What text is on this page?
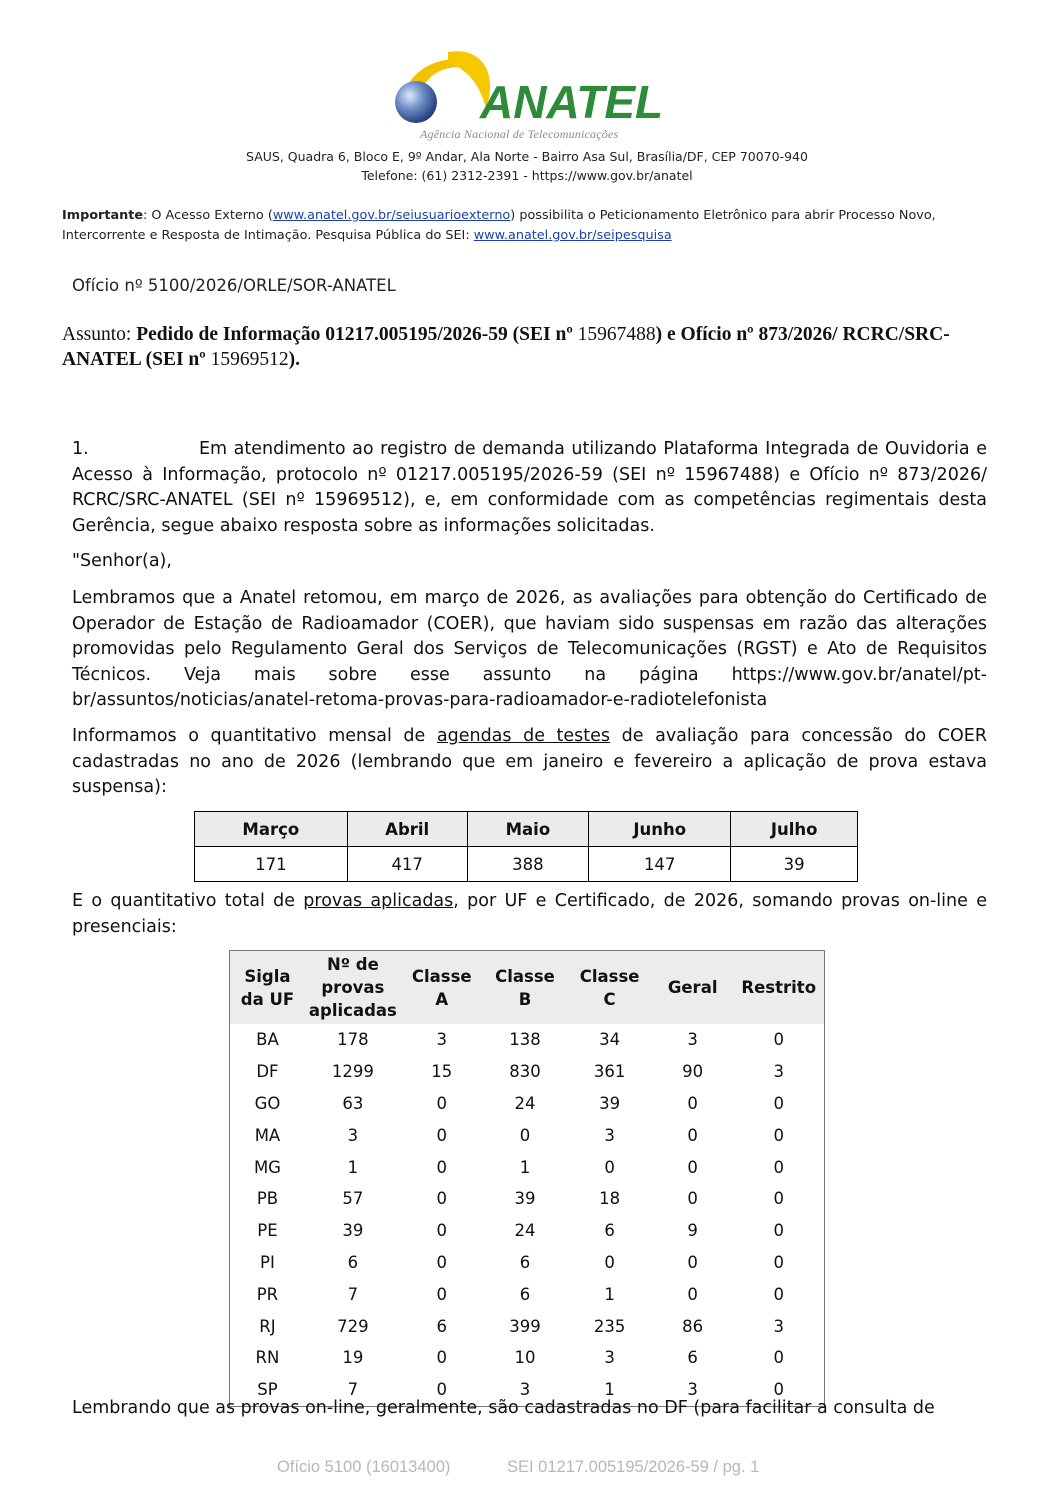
ANATEL
Agência Nacional de Telecomunicações
SAUS, Quadra 6, Bloco E, 9º Andar, Ala Norte - Bairro Asa Sul, Brasília/DF, CEP 70070-940
Telefone: (61) 2312-2391 - https://www.gov.br/anatel
Importante: O Acesso Externo (www.anatel.gov.br/seiusuarioexterno) possibilita o Peticionamento Eletrônico para abrir Processo Novo, Intercorrente e Resposta de Intimação. Pesquisa Pública do SEI: www.anatel.gov.br/seipesquisa
Ofício nº 5100/2026/ORLE/SOR-ANATEL
Assunto: Pedido de Informação 01217.005195/2026-59 (SEI nº 15967488) e Ofício nº 873/2026/ RCRC/SRC-ANATEL (SEI nº 15969512).
1.	Em atendimento ao registro de demanda utilizando Plataforma Integrada de Ouvidoria e Acesso à Informação, protocolo nº 01217.005195/2026-59 (SEI nº 15967488) e Ofício nº 873/2026/ RCRC/SRC-ANATEL (SEI nº 15969512), e, em conformidade com as competências regimentais desta Gerência, segue abaixo resposta sobre as informações solicitadas.
"Senhor(a),
Lembramos que a Anatel retomou, em março de 2026, as avaliações para obtenção do Certificado de Operador de Estação de Radioamador (COER), que haviam sido suspensas em razão das alterações promovidas pelo Regulamento Geral dos Serviços de Telecomunicações (RGST) e Ato de Requisitos Técnicos. Veja mais sobre esse assunto na página https://www.gov.br/anatel/pt-br/assuntos/noticias/anatel-retoma-provas-para-radioamador-e-radiotelefonista
Informamos o quantitativo mensal de agendas de testes de avaliação para concessão do COER cadastradas no ano de 2026 (lembrando que em janeiro e fevereiro a aplicação de prova estava suspensa):
Março	Abril	Maio	Junho	Julho
171	417	388	147	39
E o quantitativo total de provas aplicadas, por UF e Certificado, de 2026, somando provas on-line e presenciais:
Sigla da UF	Nº de provas aplicadas	Classe A	Classe B	Classe C	Geral	Restrito
BA	178	3	138	34	3	0
DF	1299	15	830	361	90	3
GO	63	0	24	39	0	0
MA	3	0	0	3	0	0
MG	1	0	1	0	0	0
PB	57	0	39	18	0	0
PE	39	0	24	6	9	0
PI	6	0	6	0	0	0
PR	7	0	6	1	0	0
RJ	729	6	399	235	86	3
RN	19	0	10	3	6	0
SP	7	0	3	1	3	0
Lembrando que as provas on-line, geralmente, são cadastradas no DF (para facilitar a consulta de
Ofício 5100 (16013400)	SEI 01217.005195/2026-59 / pg. 1
